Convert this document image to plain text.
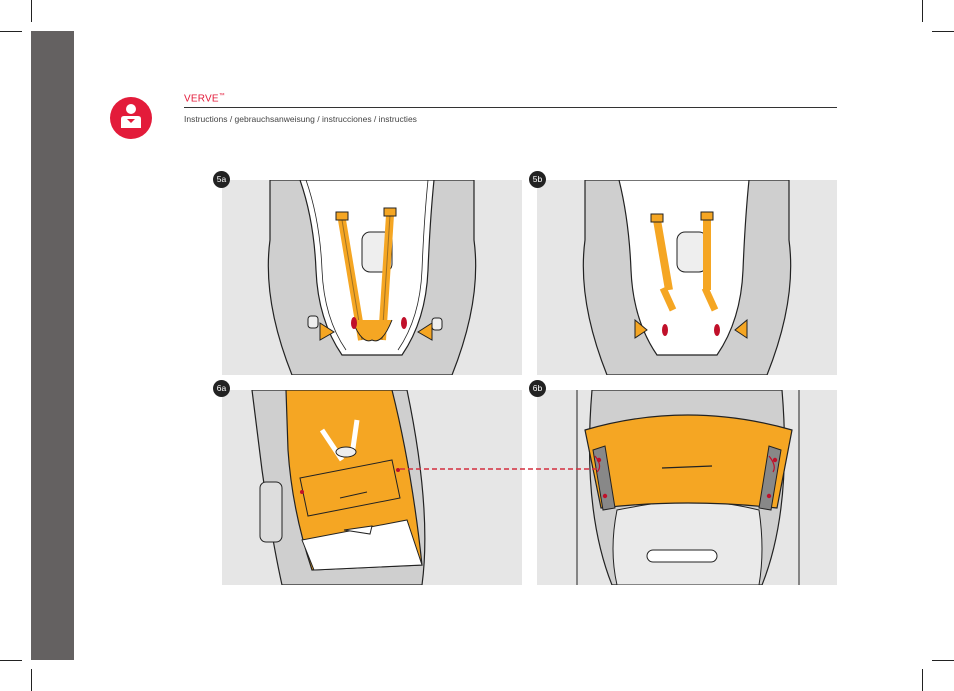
VERVE™
Instructions / gebrauchsanweisung / instrucciones / instructies
5a	5b
6a	6b
